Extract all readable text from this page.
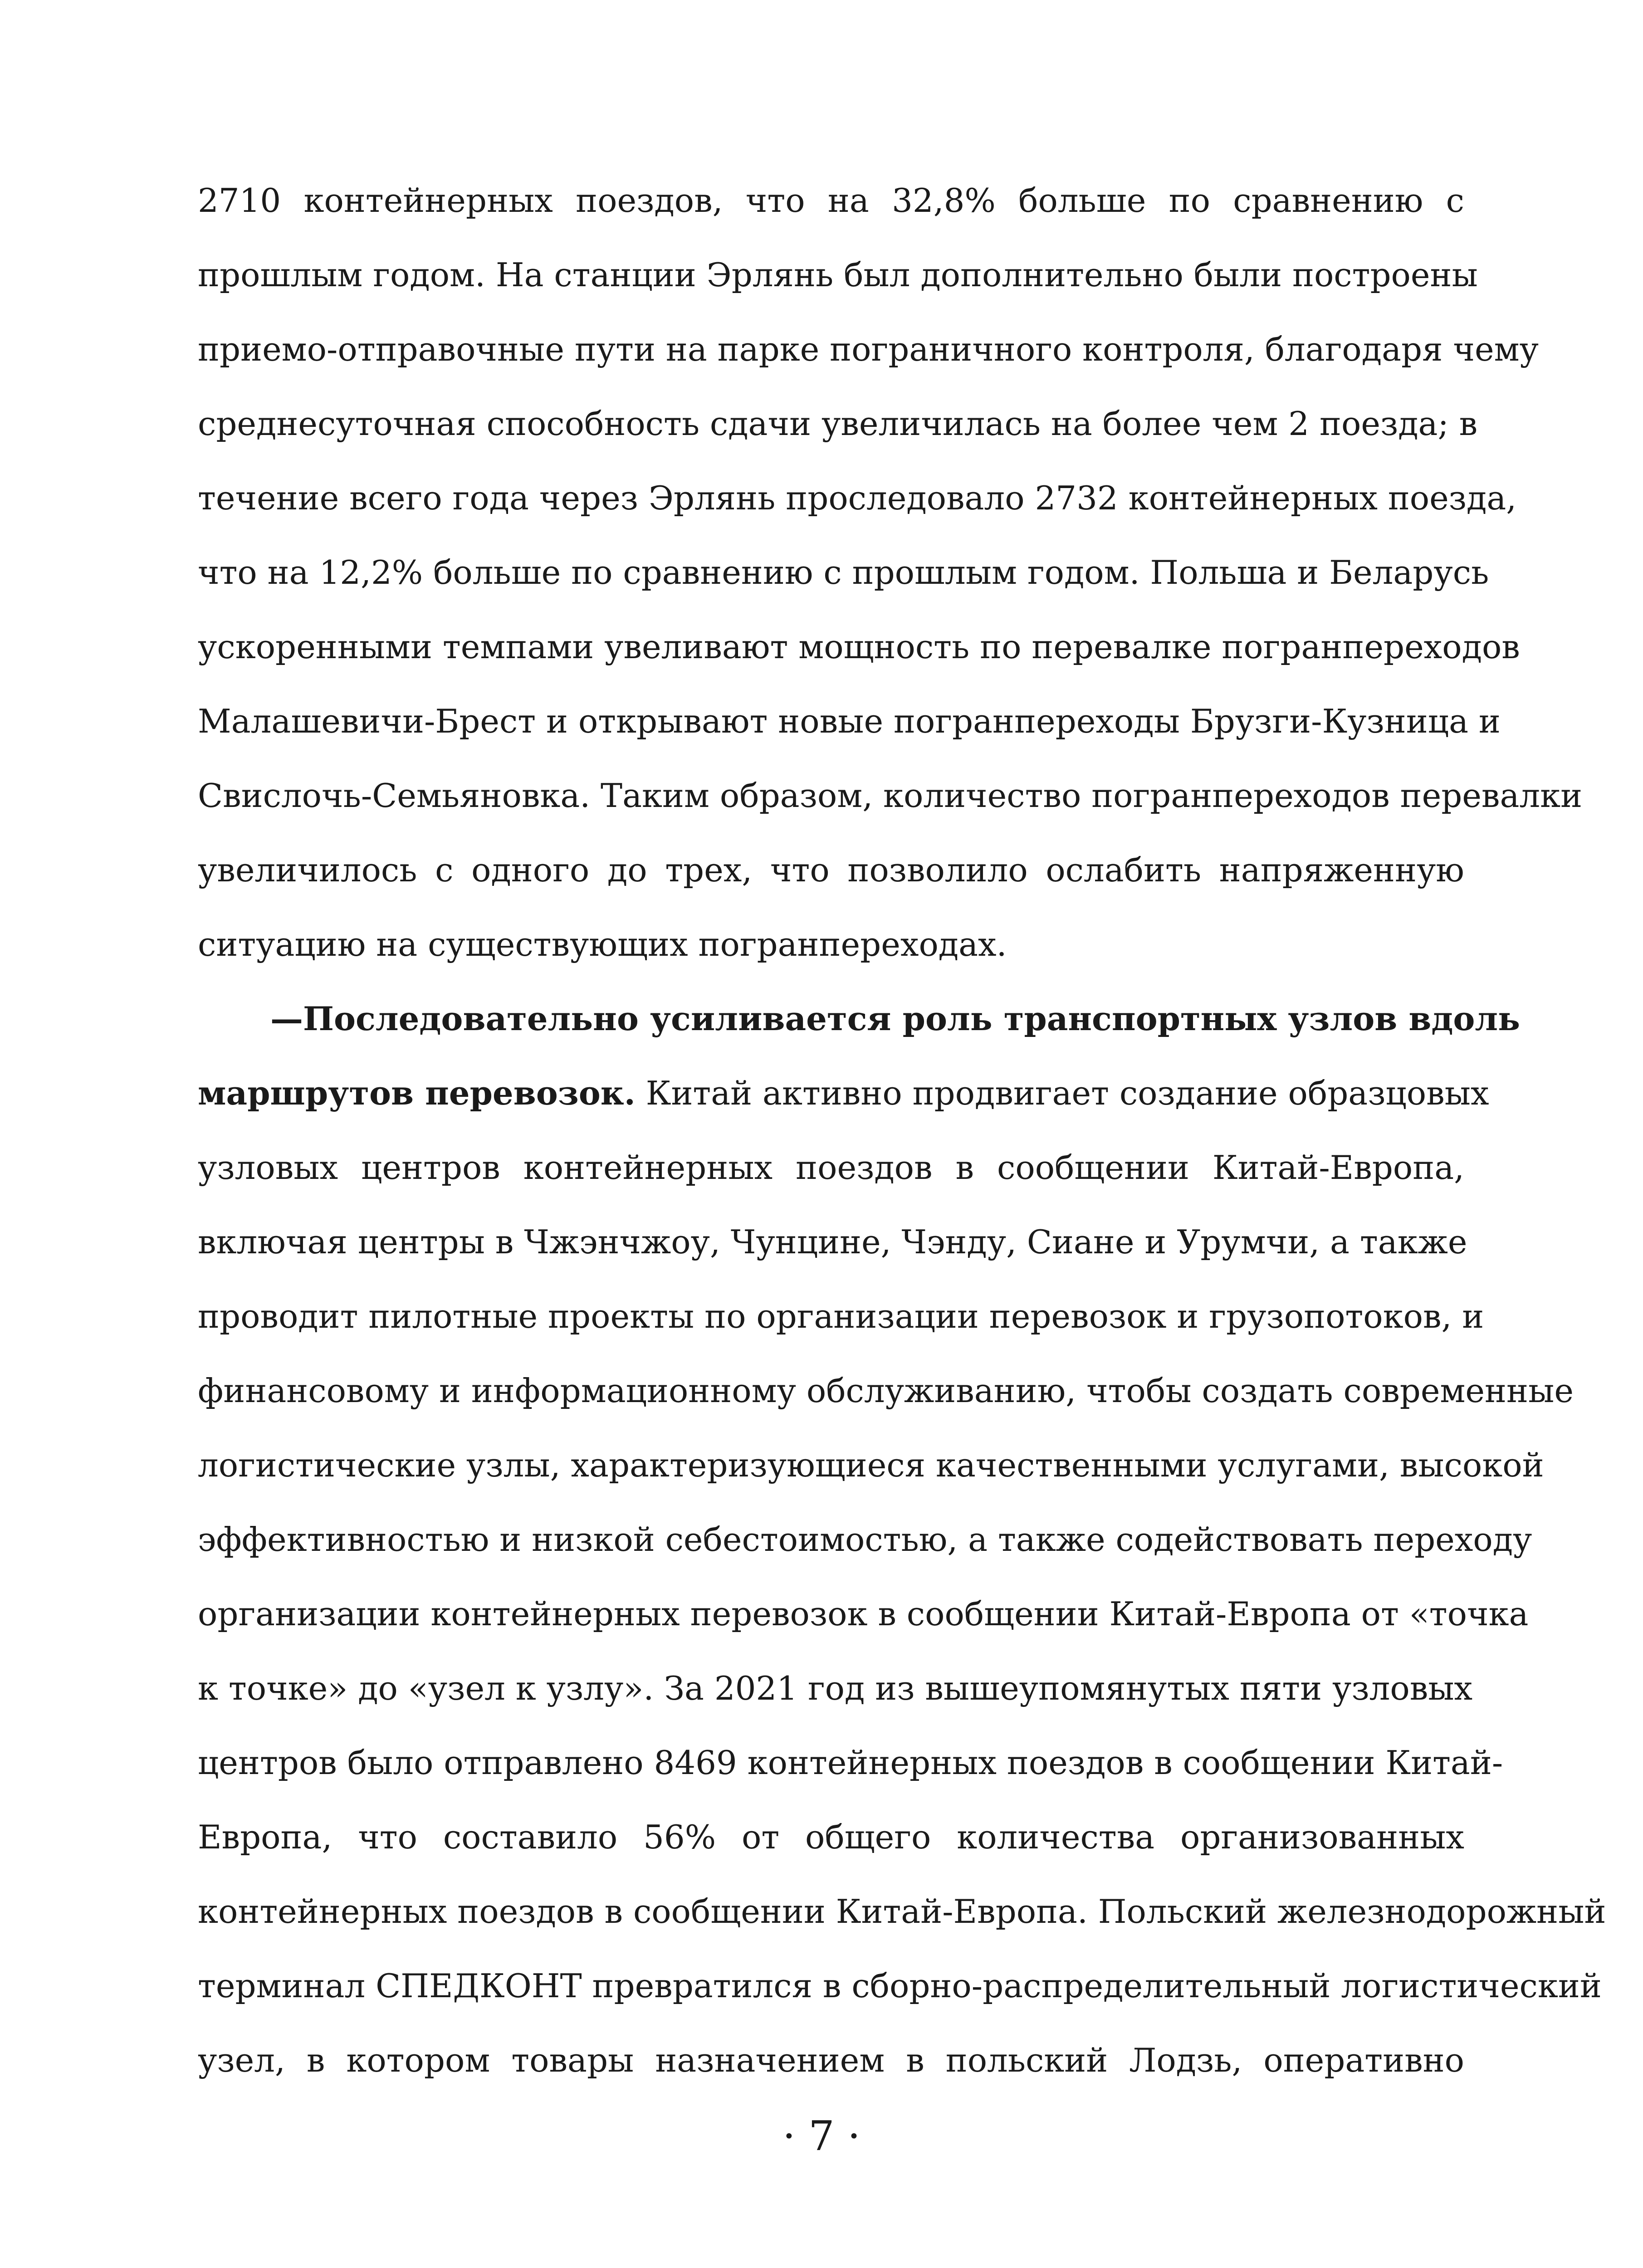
2710 контейнерных поездов, что на 32,8% больше по сравнению с
прошлым годом. На станции Эрлянь был дополнительно были построены
приемо-отправочные пути на парке пограничного контроля, благодаря чему
среднесуточная способность сдачи увеличилась на более чем 2 поезда; в
течение всего года через Эрлянь проследовало 2732 контейнерных поезда,
что на 12,2% больше по сравнению с прошлым годом. Польша и Беларусь
ускоренными темпами увеливают мощность по перевалке погранпереходов
Малашевичи-Брест и открывают новые погранпереходы Брузги-Кузница и
Свислочь-Семьяновка. Таким образом, количество погранпереходов перевалки
увеличилось с одного до трех, что позволило ослабить напряженную
ситуацию на существующих погранпереходах.
—Последовательно усиливается роль транспортных узлов вдоль
маршрутов перевозок. Китай активно продвигает создание образцовых
узловых центров контейнерных поездов в сообщении Китай-Европа,
включая центры в Чжэнчжоу, Чунцине, Чэнду, Сиане и Урумчи, а также
проводит пилотные проекты по организации перевозок и грузопотоков, и
финансовому и информационному обслуживанию, чтобы создать современные
логистические узлы, характеризующиеся качественными услугами, высокой
эффективностью и низкой себестоимостью, а также содействовать переходу
организации контейнерных перевозок в сообщении Китай-Европа от «точка
к точке» до «узел к узлу». За 2021 год из вышеупомянутых пяти узловых
центров было отправлено 8469 контейнерных поездов в сообщении Китай-
Европа, что составило 56% от общего количества организованных
контейнерных поездов в сообщении Китай-Европа. Польский железнодорожный
терминал СПЕДКОНТ превратился в сборно-распределительный логистический
узел, в котором товары назначением в польский Лодзь, оперативно
· 7 ·
